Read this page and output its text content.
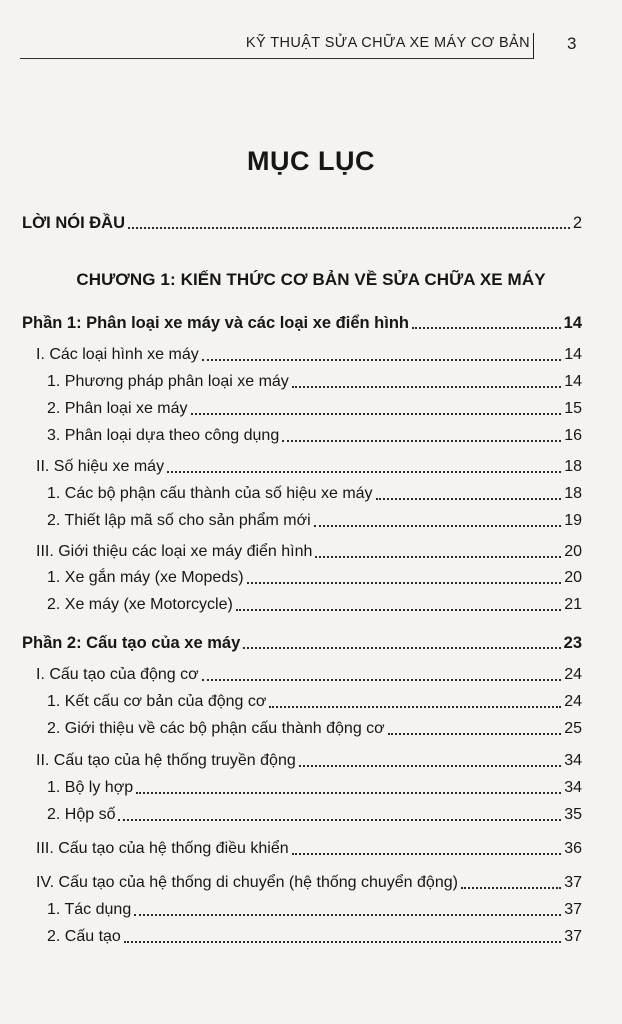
KỸ THUẬT SỬA CHỮA XE MÁY CƠ BẢN 3
MỤC LỤC
LỜI NÓI ĐẦU	2
CHƯƠNG 1: KIẾN THỨC CƠ BẢN VỀ SỬA CHỮA XE MÁY
Phần 1: Phân loại xe máy và các loại xe điển hình	14
I. Các loại hình xe máy	14
1. Phương pháp phân loại xe máy	14
2. Phân loại xe máy	15
3. Phân loại dựa theo công dụng	16
II. Số hiệu xe máy	18
1. Các bộ phận cấu thành của số hiệu xe máy	18
2. Thiết lập mã số cho sản phẩm mới	19
III. Giới thiệu các loại xe máy điển hình	20
1. Xe gắn máy (xe Mopeds)	20
2. Xe máy (xe Motorcycle)	21
Phần 2: Cấu tạo của xe máy	23
I. Cấu tạo của động cơ	24
1. Kết cấu cơ bản của động cơ	24
2. Giới thiệu về các bộ phận cấu thành động cơ	25
II. Cấu tạo của hệ thống truyền động	34
1. Bộ ly hợp	34
2. Hộp số	35
III. Cấu tạo của hệ thống điều khiển	36
IV. Cấu tạo của hệ thống di chuyển (hệ thống chuyển động)	37
1. Tác dụng	37
2. Cấu tạo	37
